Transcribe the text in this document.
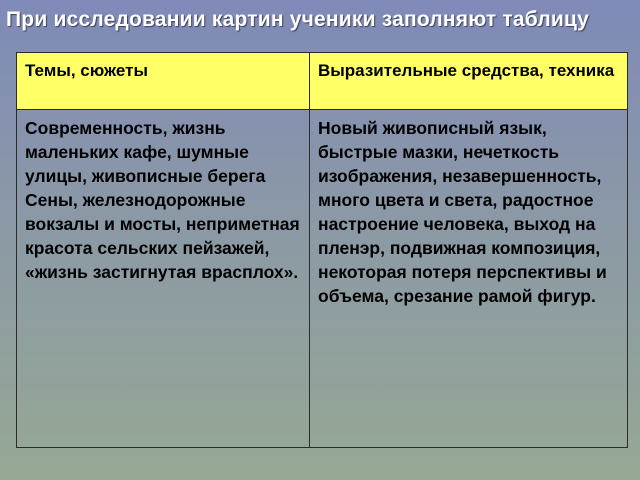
При исследовании картин ученики заполняют таблицу
Темы, сюжеты	Выразительные средства, техника
Современность, жизнь маленьких кафе, шумные улицы, живописные берега Сены, железнодорожные вокзалы и мосты, неприметная красота сельских пейзажей, «жизнь застигнутая врасплох».	Новый живописный язык, быстрые мазки, нечеткость изображения, незавершенность, много цвета и света, радостное настроение человека, выход на пленэр, подвижная композиция, некоторая потеря перспективы и объема, срезание рамой фигур.
